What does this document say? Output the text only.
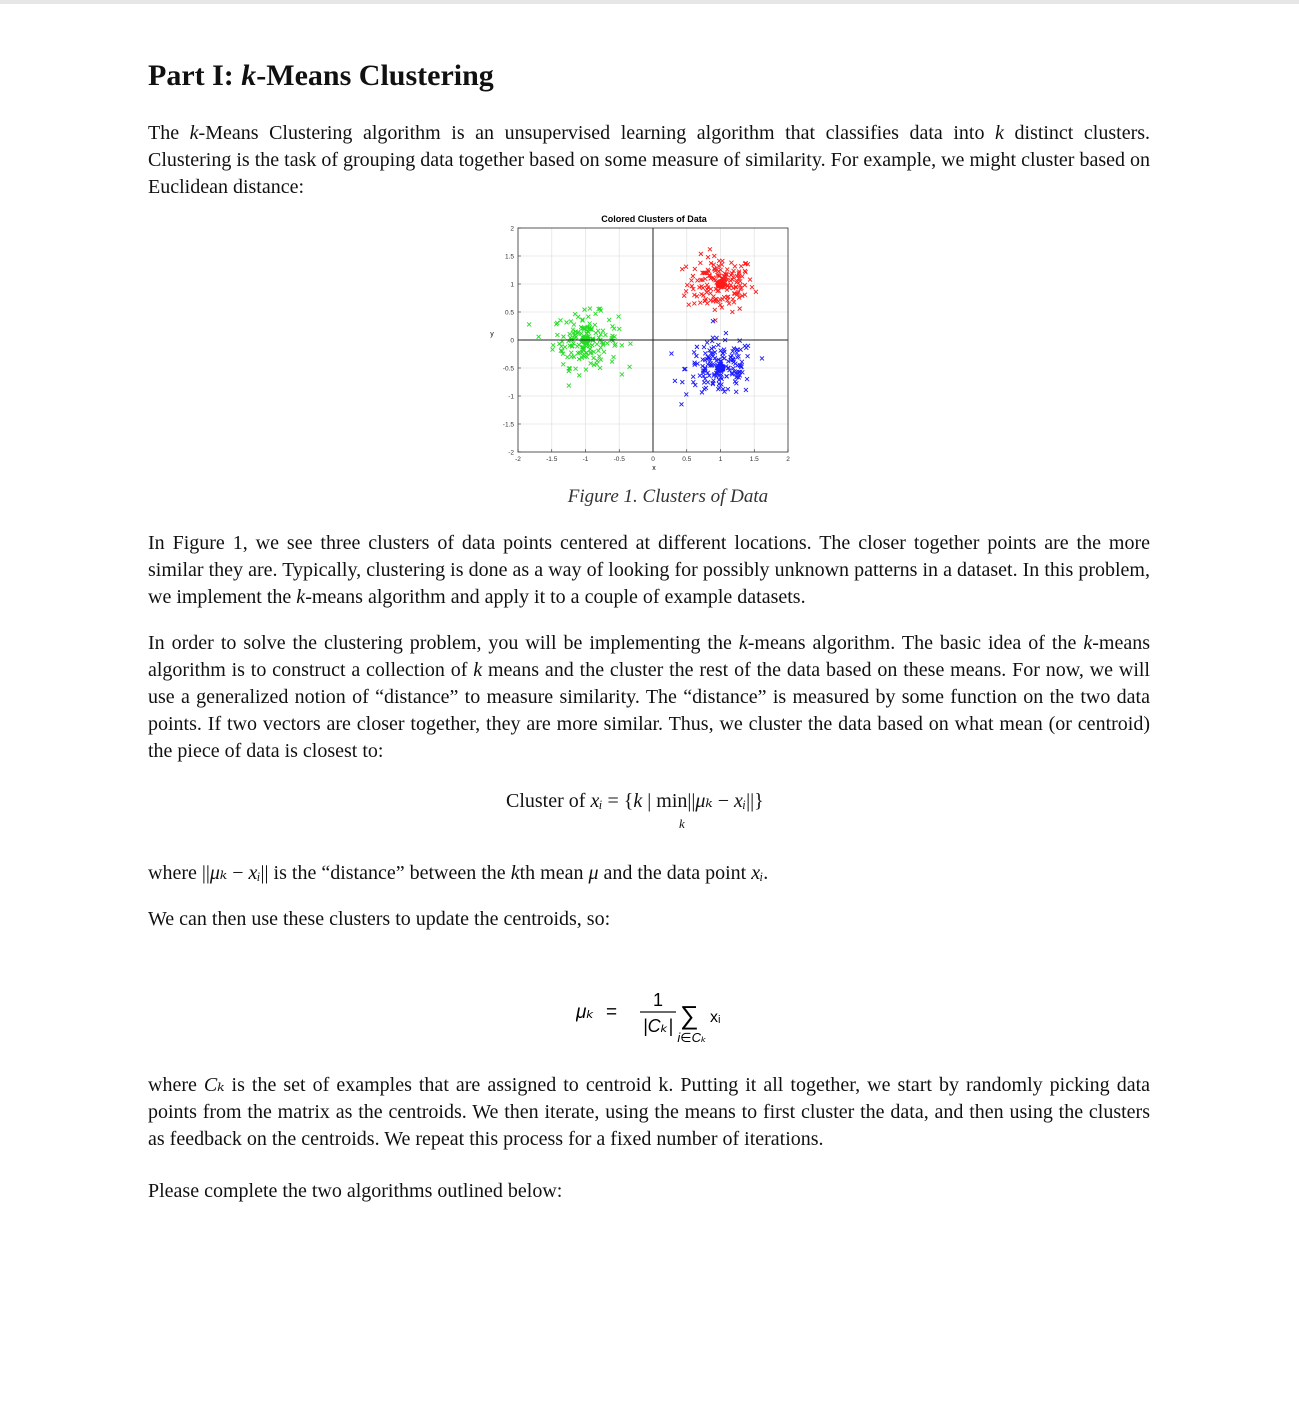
Part I: k-Means Clustering

The k-Means Clustering algorithm is an unsupervised learning algorithm that classifies data into k distinct clusters. Clustering is the task of grouping data together based on some measure of similarity. For example, we might cluster based on Euclidean distance:

Colored Clusters of Data
-2	-1.5	-1	-0.5	0	0.5	1	1.5	2
-2
-1.5
-1
-0.5
0
0.5
1
1.5
2
x
y
Figure 1. Clusters of Data

In Figure 1, we see three clusters of data points centered at different locations. The closer together points are the more similar they are. Typically, clustering is done as a way of looking for possibly unknown patterns in a dataset. In this problem, we implement the k-means algorithm and apply it to a couple of example datasets.

In order to solve the clustering problem, you will be implementing the k-means algorithm. The basic idea of the k-means algorithm is to construct a collection of k means and the cluster the rest of the data based on these means. For now, we will use a generalized notion of “distance” to measure similarity. The “distance” is measured by some function on the two data points. If two vectors are closer together, they are more similar. Thus, we cluster the data based on what mean (or centroid) the piece of data is closest to:

Cluster of xᵢ = {k | min||μₖ − xᵢ||}
k

where ||μₖ − xᵢ|| is the “distance” between the kth mean μ and the data point xᵢ.

We can then use these clusters to update the centroids, so:

μₖ =
1
|Cₖ| ∑ xᵢ
i∈Cₖ

where Cₖ is the set of examples that are assigned to centroid k. Putting it all together, we start by randomly picking data points from the matrix as the centroids. We then iterate, using the means to first cluster the data, and then using the clusters as feedback on the centroids. We repeat this process for a fixed number of iterations.

Please complete the two algorithms outlined below:
